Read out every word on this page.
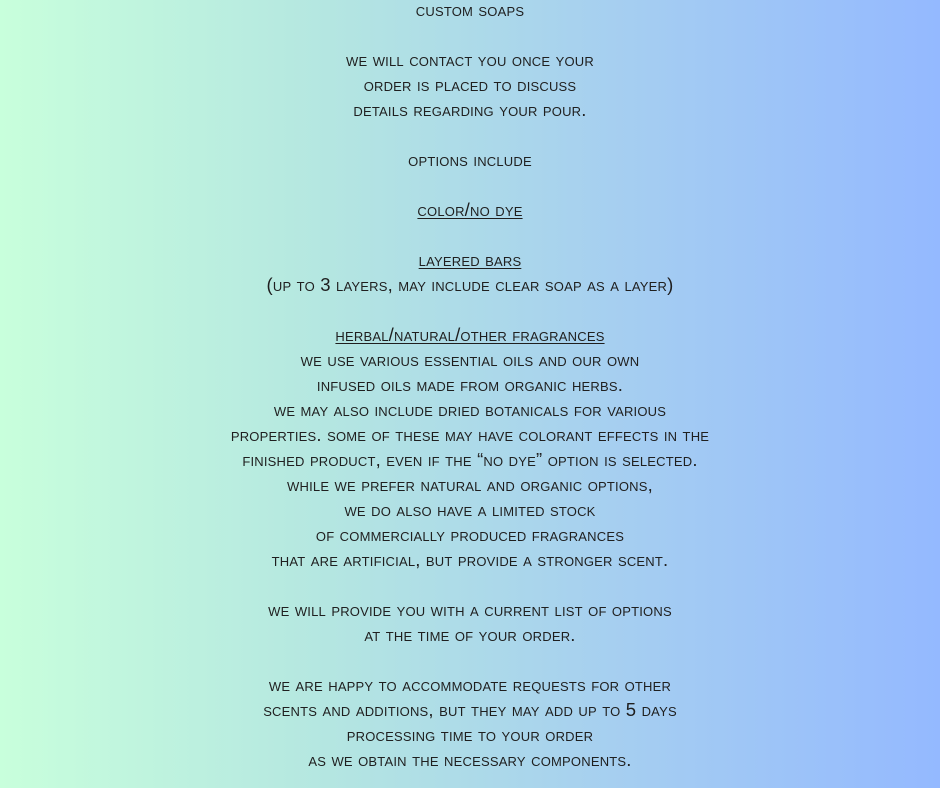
custom soaps
we will contact you once your
order is placed to discuss
details regarding your pour.
options include
color/no dye
layered bars
(up to 3 layers, may include clear soap as a layer)
herbal/natural/other fragrances
we use various essential oils and our own
infused oils made from organic herbs.
we may also include dried botanicals for various
properties. some of these may have colorant effects in the
finished product, even if the “no dye” option is selected.
while we prefer natural and organic options,
we do also have a limited stock
of commercially produced fragrances
that are artificial, but provide a stronger scent.
we will provide you with a current list of options
at the time of your order.
we are happy to accommodate requests for other
scents and additions, but they may add up to 5 days
processing time to your order
as we obtain the necessary components.
